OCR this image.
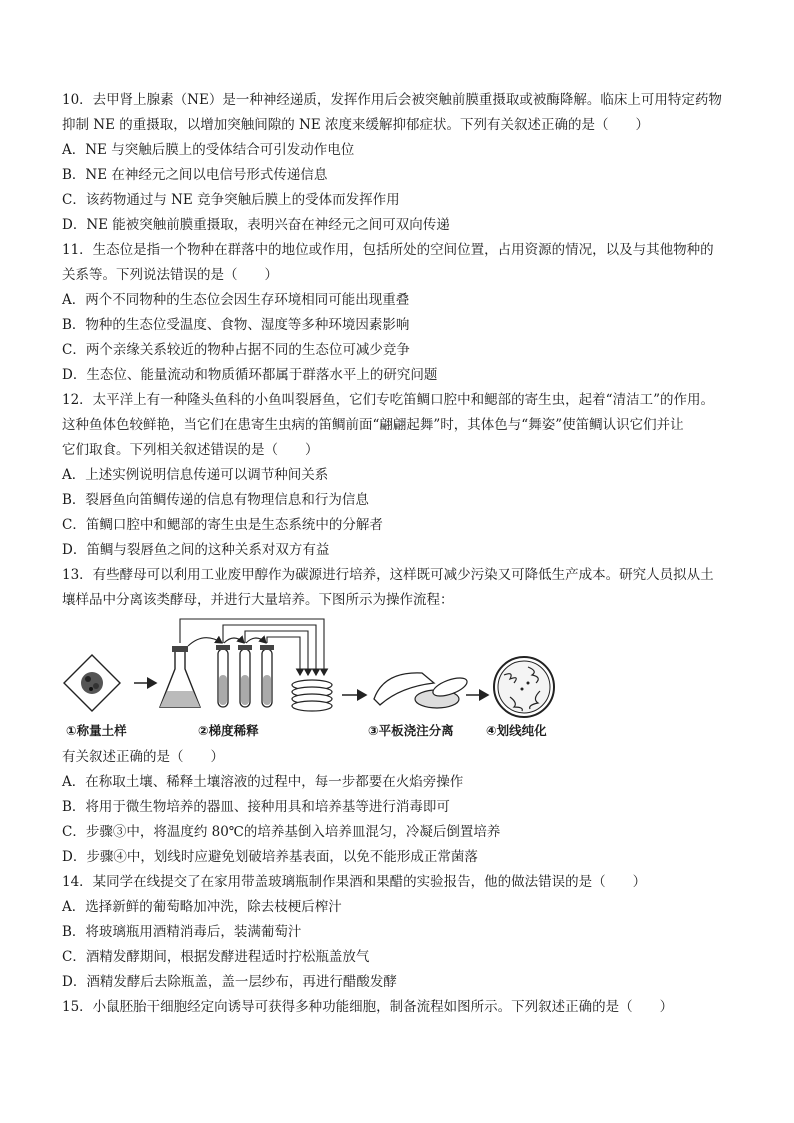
10．去甲肾上腺素（NE）是一种神经递质，发挥作用后会被突触前膜重摄取或被酶降解。临床上可用特定药物
抑制 NE 的重摄取，以增加突触间隙的 NE 浓度来缓解抑郁症状。下列有关叙述正确的是（　　）
A．NE 与突触后膜上的受体结合可引发动作电位
B．NE 在神经元之间以电信号形式传递信息
C．该药物通过与 NE 竞争突触后膜上的受体而发挥作用
D．NE 能被突触前膜重摄取，表明兴奋在神经元之间可双向传递
11．生态位是指一个物种在群落中的地位或作用，包括所处的空间位置，占用资源的情况，以及与其他物种的
关系等。下列说法错误的是（　　）
A．两个不同物种的生态位会因生存环境相同可能出现重叠
B．物种的生态位受温度、食物、湿度等多种环境因素影响
C．两个亲缘关系较近的物种占据不同的生态位可减少竞争
D．生态位、能量流动和物质循环都属于群落水平上的研究问题
12．太平洋上有一种隆头鱼科的小鱼叫裂唇鱼，它们专吃笛鲷口腔中和鳃部的寄生虫，起着“清洁工”的作用。
这种鱼体色较鲜艳，当它们在患寄生虫病的笛鲷前面“翩翩起舞”时，其体色与“舞姿”使笛鲷认识它们并让
它们取食。下列相关叙述错误的是（　　）
A．上述实例说明信息传递可以调节种间关系
B．裂唇鱼向笛鲷传递的信息有物理信息和行为信息
C．笛鲷口腔中和鳃部的寄生虫是生态系统中的分解者
D．笛鲷与裂唇鱼之间的这种关系对双方有益
13．有些酵母可以利用工业废甲醇作为碳源进行培养，这样既可减少污染又可降低生产成本。研究人员拟从土
壤样品中分离该类酵母，并进行大量培养。下图所示为操作流程：
①称量土样	②梯度稀释	③平板浇注分离	④划线纯化
有关叙述正确的是（　　）
A．在称取土壤、稀释土壤溶液的过程中，每一步都要在火焰旁操作
B．将用于微生物培养的器皿、接种用具和培养基等进行消毒即可
C．步骤③中，将温度约 80℃的培养基倒入培养皿混匀，冷凝后倒置培养
D．步骤④中，划线时应避免划破培养基表面，以免不能形成正常菌落
14．某同学在线提交了在家用带盖玻璃瓶制作果酒和果醋的实验报告，他的做法错误的是（　　）
A．选择新鲜的葡萄略加冲洗，除去枝梗后榨汁
B．将玻璃瓶用酒精消毒后，装满葡萄汁
C．酒精发酵期间，根据发酵进程适时拧松瓶盖放气
D．酒精发酵后去除瓶盖，盖一层纱布，再进行醋酸发酵
15．小鼠胚胎干细胞经定向诱导可获得多种功能细胞，制备流程如图所示。下列叙述正确的是（　　）
